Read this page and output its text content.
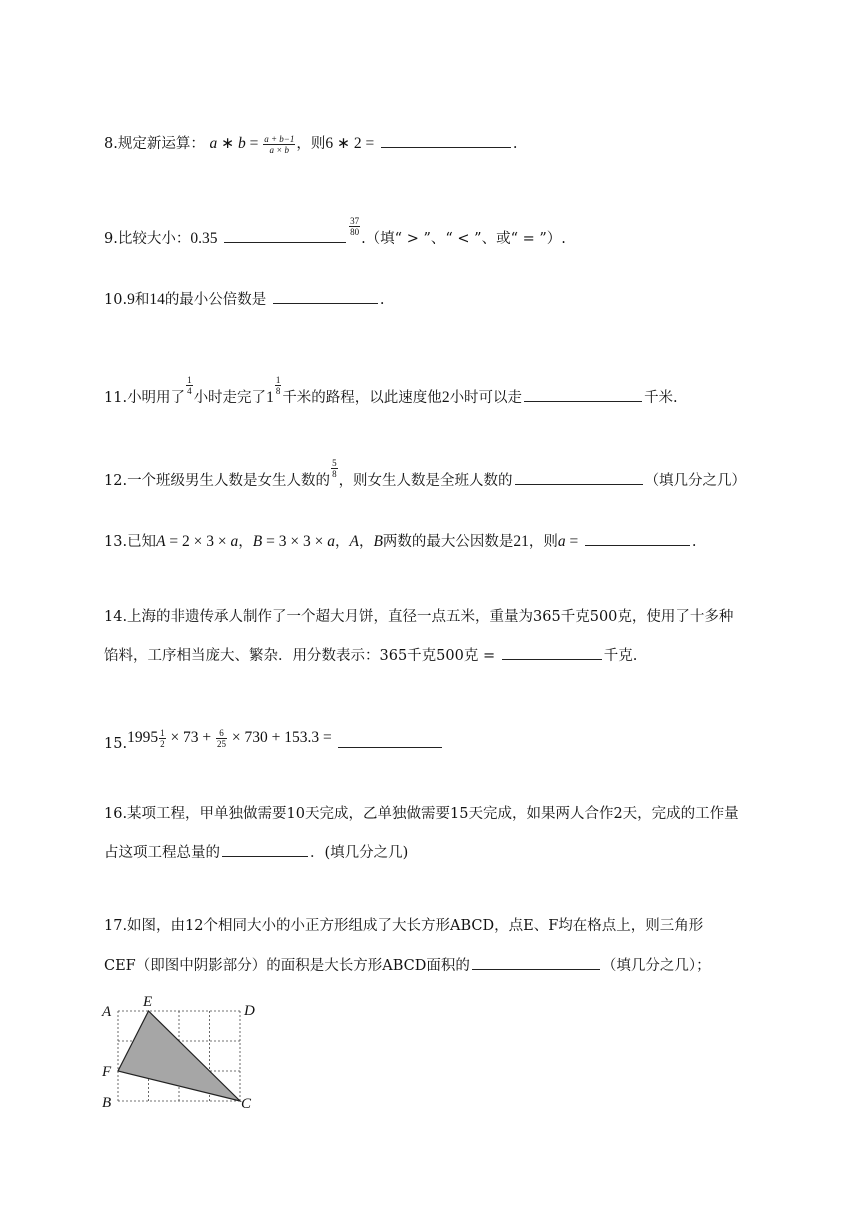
8.规定新运算： a ∗ $b = \frac{a + b-1}{a \times b}$ ，则6 ∗ 2 =	.
9.比较大小：0.35
$\frac{37}{80}$
.（填“ > ”、“ < ”、或“ = ”）.
10.9和14的最小公倍数是	.
11.小明用了
$\frac{1}{4}$
小时走完了1
$\frac{1}{8}$
千米的路程，以此速度他2小时可以走	千米.
12.一个班级男生人数是女生人数的
$\frac{5}{8}$
，则女生人数是全班人数的	（填几分之几）
13.已知A = 2 × 3 × a，B = 3 × 3 × a，A，B两数的最大公因数是21，则a =	.
14.上海的非遗传承人制作了一个超大月饼，直径一点五米，重量为365千克500克，使用了十多种
馅料，工序相当庞大、繁杂．用分数表示：365千克500克 =	千克.
$15.1995 \frac{1}{2} \times 73 + \frac{6}{25} \times 730 + 153.3$ =
16.某项工程，甲单独做需要10天完成，乙单独做需要15天完成，如果两人合作2天，完成的工作量
占这项工程总量的	．(填几分之几)
17.如图，由12个相同大小的小正方形组成了大长方形ABCD，点E、F均在格点上，则三角形
CEF（即图中阴影部分）的面积是大长方形ABCD面积的	（填几分之几）；
A
E
D
F
B	C
